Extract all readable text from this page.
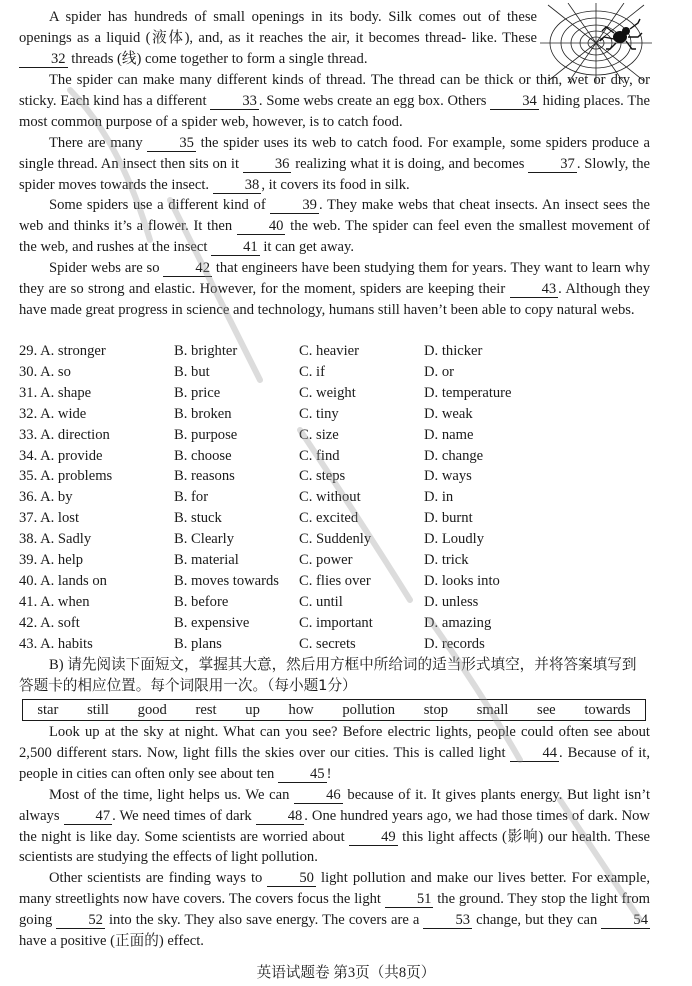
A spider has hundreds of small openings in its body. Silk comes out of these openings as a liquid (液体), and, as it reaches the air, it becomes thread- like. These 32 threads (线) come together to form a single thread.

The spider can make many different kinds of thread. The thread can be thick or thin, wet or dry, or sticky. Each kind has a different 33 . Some webs create an egg box. Others 34 hiding places. The most common purpose of a spider web, however, is to catch food.

There are many 35 the spider uses its web to catch food. For example, some spiders produce a single thread. An insect then sits on it 36 realizing what it is doing, and becomes 37 . Slowly, the spider moves towards the insect. 38 , it covers its food in silk.

Some spiders use a different kind of 39 . They make webs that cheat insects. An insect sees the web and thinks it’s a flower. It then 40 the web. The spider can feel even the smallest movement of the web, and rushes at the insect 41 it can get away.

Spider webs are so 42 that engineers have been studying them for years. They want to learn why they are so strong and elastic. However, for the moment, spiders are keeping their 43 . Although they have made great progress in science and technology, humans still haven’t been able to copy natural webs.

29. A. stronger	B. brighter	C. heavier	D. thicker
30. A. so	B. but	C. if	D. or
31. A. shape	B. price	C. weight	D. temperature
32. A. wide	B. broken	C. tiny	D. weak
33. A. direction	B. purpose	C. size	D. name
34. A. provide	B. choose	C. find	D. change
35. A. problems	B. reasons	C. steps	D. ways
36. A. by	B. for	C. without	D. in
37. A. lost	B. stuck	C. excited	D. burnt
38. A. Sadly	B. Clearly	C. Suddenly	D. Loudly
39. A. help	B. material	C. power	D. trick
40. A. lands on	B. moves towards	C. flies over	D. looks into
41. A. when	B. before	C. until	D. unless
42. A. soft	B. expensive	C. important	D. amazing
43. A. habits	B. plans	C. secrets	D. records

B) 请先阅读下面短文，掌握其大意，然后用方框中所给词的适当形式填空，并将答案填写到答题卡的相应位置。每个词限用一次。（每小题1分）

star still good rest up how pollution stop small see towards

Look up at the sky at night. What can you see? Before electric lights, people could often see about 2,500 different stars. Now, light fills the skies over our cities. This is called light 44 . Because of it, people in cities can often only see about ten 45 !

Most of the time, light helps us. We can 46 because of it. It gives plants energy. But light isn’t always 47 . We need times of dark 48 . One hundred years ago, we had those times of dark. Now the night is like day. Some scientists are worried about 49 this light affects (影响) our health. These scientists are studying the effects of light pollution.

Other scientists are finding ways to 50 light pollution and make our lives better. For example, many streetlights now have covers. The covers focus the light 51 the ground. They stop the light from going 52 into the sky. They also save energy. The covers are a 53 change, but they can 54 have a positive (正面的) effect.

英语试题卷 第3页（共8页）
